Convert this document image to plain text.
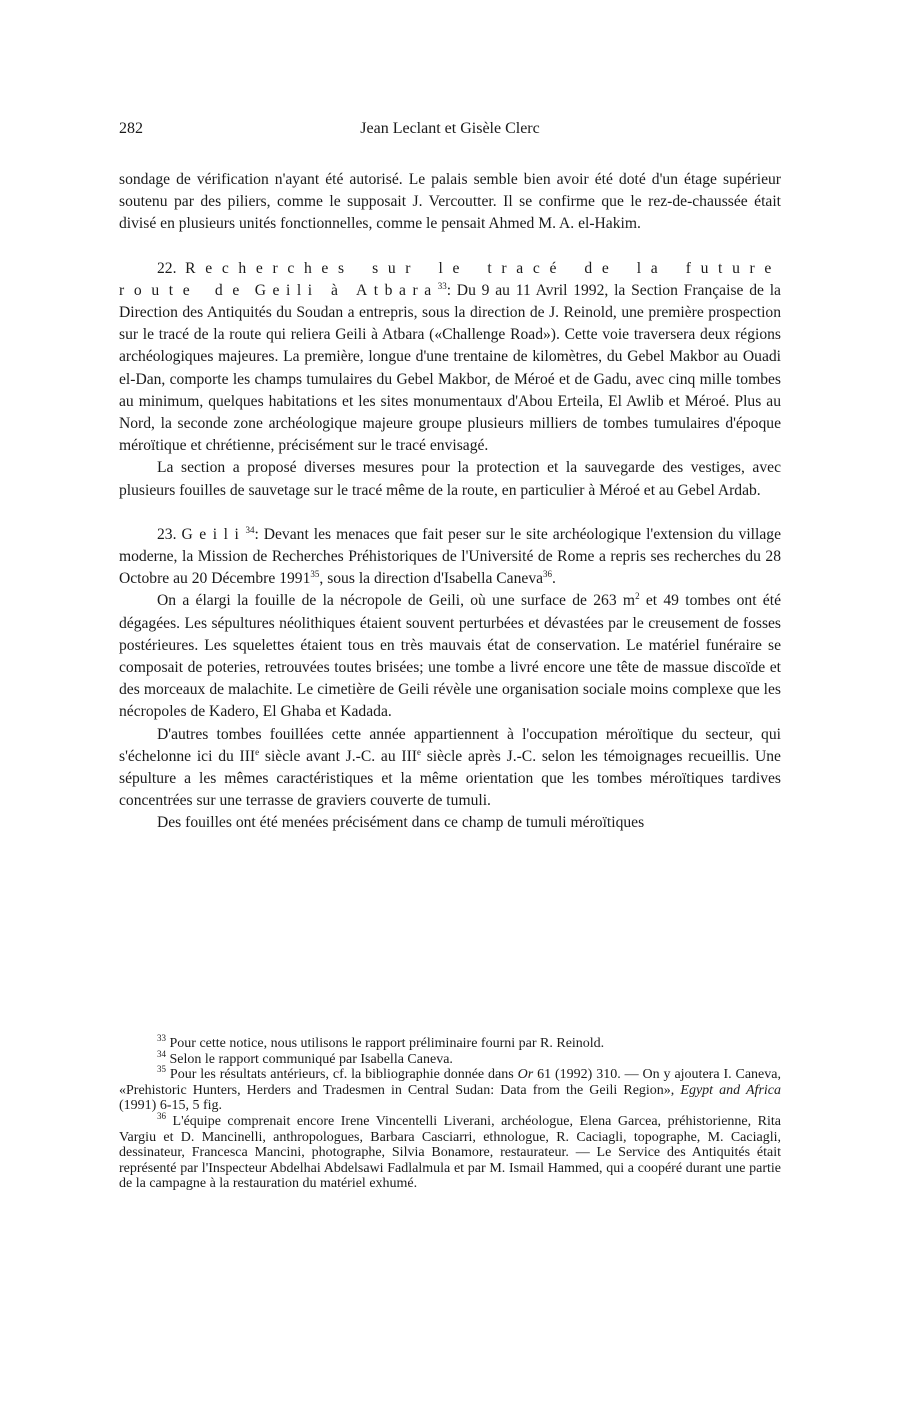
282	Jean Leclant et Gisèle Clerc

sondage de vérification n'ayant été autorisé. Le palais semble bien avoir été doté d'un étage supérieur soutenu par des piliers, comme le supposait J. Vercoutter. Il se confirme que le rez-de-chaussée était divisé en plusieurs unités fonctionnelles, comme le pensait Ahmed M. A. el-Hakim.

22. Recherches sur le tracé de la future route de Geili à Atbara$^{33}$: Du 9 au 11 Avril 1992, la Section Française de la Direction des Antiquités du Soudan a entrepris, sous la direction de J. Reinold, une première prospection sur le tracé de la route qui reliera Geili à Atbara («Challenge Road»). Cette voie traversera deux régions archéologiques majeures. La première, longue d'une trentaine de kilomètres, du Gebel Makbor au Ouadi el-Dan, comporte les champs tumulaires du Gebel Makbor, de Méroé et de Gadu, avec cinq mille tombes au minimum, quelques habitations et les sites monumentaux d'Abou Erteila, El Awlib et Méroé. Plus au Nord, la seconde zone archéologique majeure groupe plusieurs milliers de tombes tumulaires d'époque méroïtique et chrétienne, précisément sur le tracé envisagé.

La section a proposé diverses mesures pour la protection et la sauvegarde des vestiges, avec plusieurs fouilles de sauvetage sur le tracé même de la route, en particulier à Méroé et au Gebel Ardab.

23. Geili$^{34}$: Devant les menaces que fait peser sur le site archéologique l'extension du village moderne, la Mission de Recherches Préhistoriques de l'Université de Rome a repris ses recherches du 28 Octobre au 20 Décembre 1991$^{35}$, sous la direction d'Isabella Caneva$^{36}$.

On a élargi la fouille de la nécropole de Geili, où une surface de 263 $m^2$ et 49 tombes ont été dégagées. Les sépultures néolithiques étaient souvent perturbées et dévastées par le creusement de fosses postérieures. Les squelettes étaient tous en très mauvais état de conservation. Le matériel funéraire se composait de poteries, retrouvées toutes brisées; une tombe a livré encore une tête de massue discoïde et des morceaux de malachite. Le cimetière de Geili révèle une organisation sociale moins complexe que les nécropoles de Kadero, El Ghaba et Kadada.

D'autres tombes fouillées cette année appartiennent à l'occupation méroïtique du secteur, qui s'échelonne ici du IIIe siècle avant J.-C. au IIIe siècle après J.-C. selon les témoignages recueillis. Une sépulture a les mêmes caractéristiques et la même orientation que les tombes méroïtiques tardives concentrées sur une terrasse de graviers couverte de tumuli.

Des fouilles ont été menées précisément dans ce champ de tumuli méroïtiques

$^{33}$ Pour cette notice, nous utilisons le rapport préliminaire fourni par R. Reinold.

$^{34}$ Selon le rapport communiqué par Isabella Caneva.

$^{35}$ Pour les résultats antérieurs, cf. la bibliographie donnée dans Or 61 (1992) 310. — On y ajoutera I. Caneva, «Prehistoric Hunters, Herders and Tradesmen in Central Sudan: Data from the Geili Region», Egypt and Africa (1991) 6-15, 5 fig.

$^{36}$ L'équipe comprenait encore Irene Vincentelli Liverani, archéologue, Elena Garcea, préhistorienne, Rita Vargiu et D. Mancinelli, anthropologues, Barbara Casciarri, ethnologue, R. Caciagli, topographe, M. Caciagli, dessinateur, Francesca Mancini, photographe, Silvia Bonamore, restaurateur. — Le Service des Antiquités était représenté par l'Inspecteur Abdelhai Abdelsawi Fadlalmula et par M. Ismail Hammed, qui a coopéré durant une partie de la campagne à la restauration du matériel exhumé.
